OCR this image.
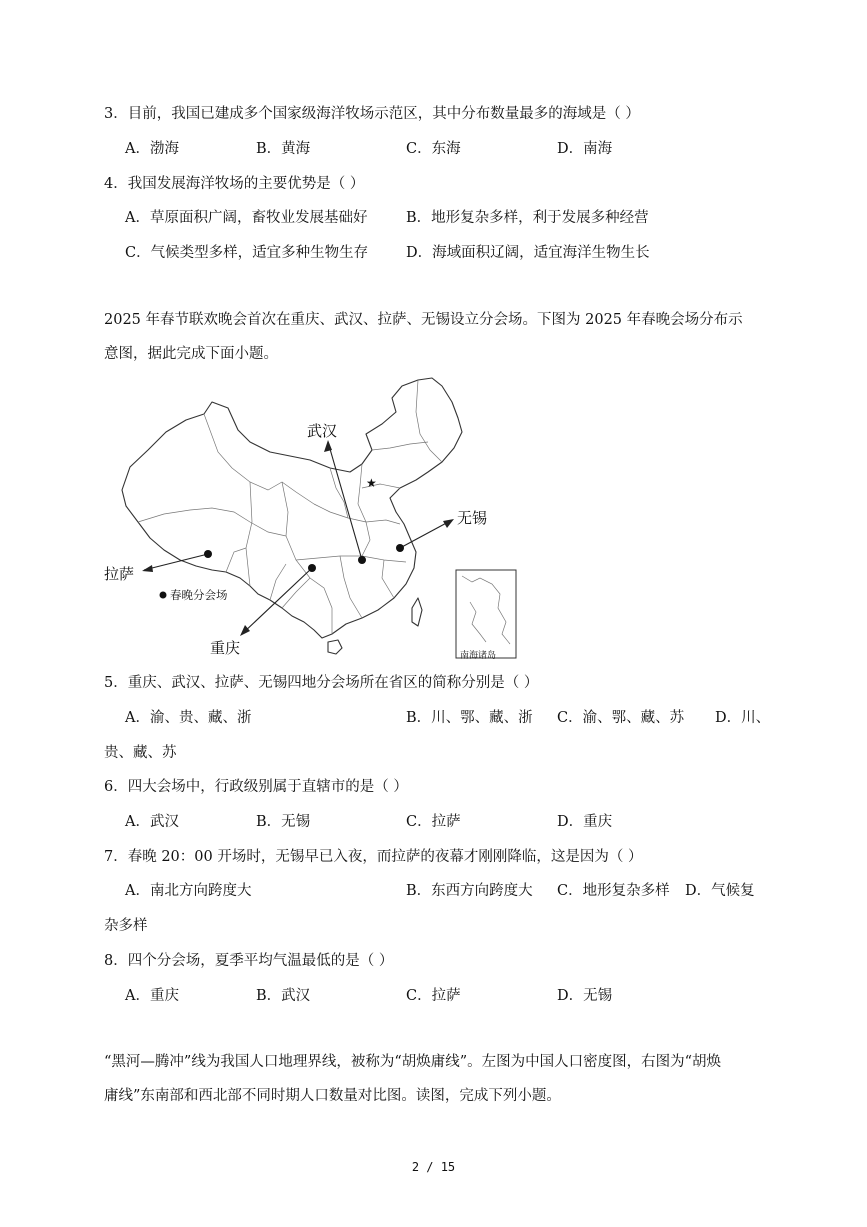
3．目前，我国已建成多个国家级海洋牧场示范区，其中分布数量最多的海域是（ ）
A．渤海	B．黄海	C．东海	D．南海
4．我国发展海洋牧场的主要优势是（ ）
A．草原面积广阔，畜牧业发展基础好	B．地形复杂多样，利于发展多种经营
C．气候类型多样，适宜多种生物生存	D．海域面积辽阔，适宜海洋生物生长
2025 年春节联欢晚会首次在重庆、武汉、拉萨、无锡设立分会场。下图为 2025 年春晚会场分布示
意图，据此完成下面小题。
★
武汉
无锡
拉萨
重庆
春晚分会场
南海诸岛
5．重庆、武汉、拉萨、无锡四地分会场所在省区的简称分别是（ ）
A．渝、贵、藏、浙	B．川、鄂、藏、浙 C．渝、鄂、藏、苏 D．川、
贵、藏、苏
6．四大会场中，行政级别属于直辖市的是（ ）
A．武汉	B．无锡	C．拉萨	D．重庆
7．春晚 20：00 开场时，无锡早已入夜，而拉萨的夜幕才刚刚降临，这是因为（ ）
A．南北方向跨度大	B．东西方向跨度大 C．地形复杂多样 D．气候复
杂多样
8．四个分会场，夏季平均气温最低的是（ ）
A．重庆	B．武汉	C．拉萨	D．无锡
“黑河—腾冲”线为我国人口地理界线，被称为“胡焕庸线”。左图为中国人口密度图，右图为“胡焕
庸线”东南部和西北部不同时期人口数量对比图。读图，完成下列小题。
2 / 15
